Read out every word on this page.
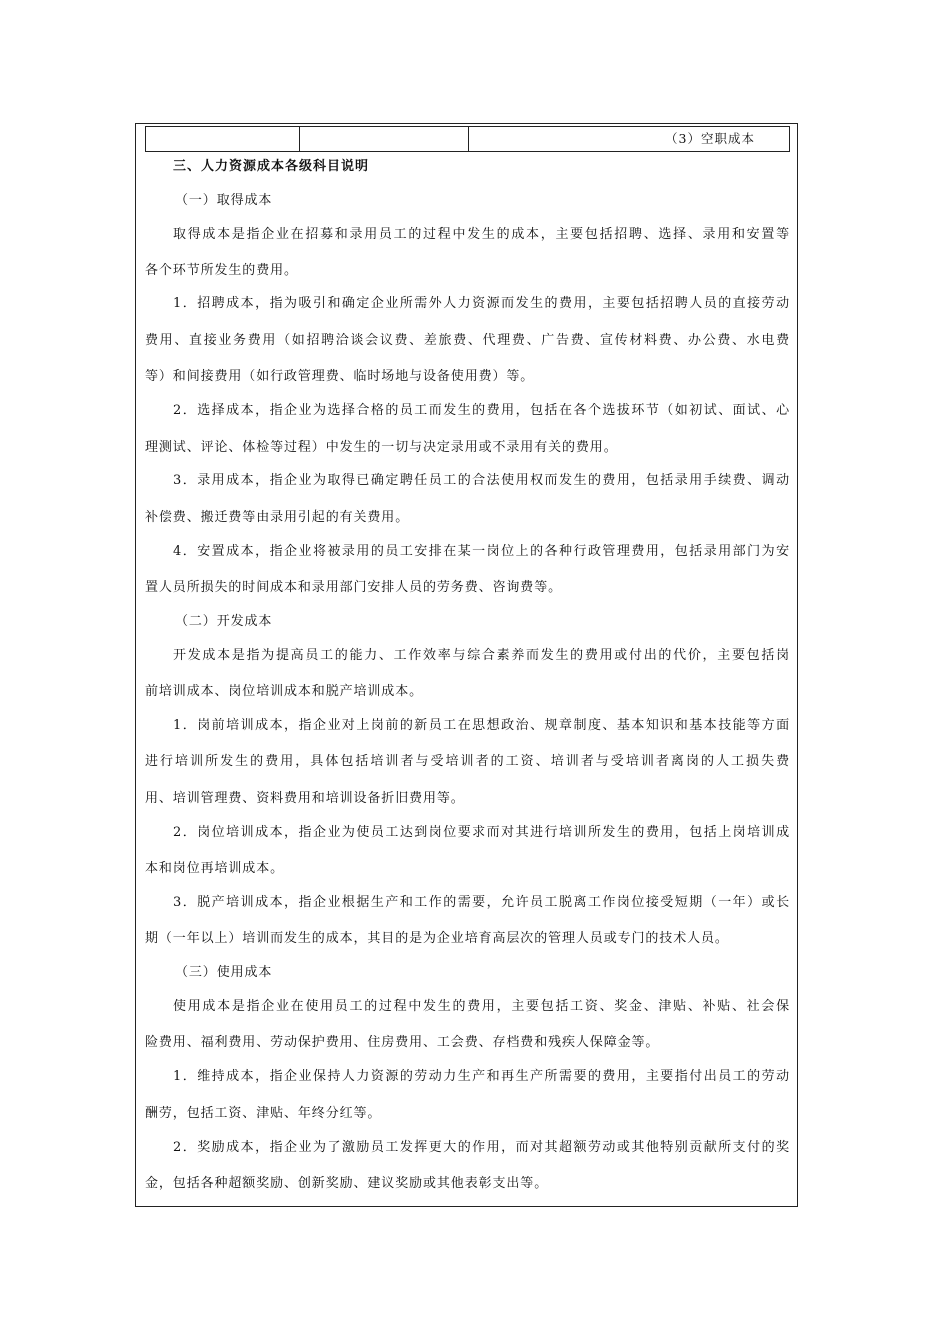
（3）空职成本

三、人力资源成本各级科目说明

（一）取得成本

取得成本是指企业在招募和录用员工的过程中发生的成本，主要包括招聘、选择、录用和安置等

各个环节所发生的费用。

1．招聘成本，指为吸引和确定企业所需外人力资源而发生的费用，主要包括招聘人员的直接劳动

费用、直接业务费用（如招聘洽谈会议费、差旅费、代理费、广告费、宣传材料费、办公费、水电费

等）和间接费用（如行政管理费、临时场地与设备使用费）等。

2．选择成本，指企业为选择合格的员工而发生的费用，包括在各个选拔环节（如初试、面试、心

理测试、评论、体检等过程）中发生的一切与决定录用或不录用有关的费用。

3．录用成本，指企业为取得已确定聘任员工的合法使用权而发生的费用，包括录用手续费、调动

补偿费、搬迁费等由录用引起的有关费用。

4．安置成本，指企业将被录用的员工安排在某一岗位上的各种行政管理费用，包括录用部门为安

置人员所损失的时间成本和录用部门安排人员的劳务费、咨询费等。

（二）开发成本

开发成本是指为提高员工的能力、工作效率与综合素养而发生的费用或付出的代价，主要包括岗

前培训成本、岗位培训成本和脱产培训成本。

1．岗前培训成本，指企业对上岗前的新员工在思想政治、规章制度、基本知识和基本技能等方面

进行培训所发生的费用，具体包括培训者与受培训者的工资、培训者与受培训者离岗的人工损失费

用、培训管理费、资料费用和培训设备折旧费用等。

2．岗位培训成本，指企业为使员工达到岗位要求而对其进行培训所发生的费用，包括上岗培训成

本和岗位再培训成本。

3．脱产培训成本，指企业根据生产和工作的需要，允许员工脱离工作岗位接受短期（一年）或长

期（一年以上）培训而发生的成本，其目的是为企业培育高层次的管理人员或专门的技术人员。

（三）使用成本

使用成本是指企业在使用员工的过程中发生的费用，主要包括工资、奖金、津贴、补贴、社会保

险费用、福利费用、劳动保护费用、住房费用、工会费、存档费和残疾人保障金等。

1．维持成本，指企业保持人力资源的劳动力生产和再生产所需要的费用，主要指付出员工的劳动

酬劳，包括工资、津贴、年终分红等。

2．奖励成本，指企业为了激励员工发挥更大的作用，而对其超额劳动或其他特别贡献所支付的奖

金，包括各种超额奖励、创新奖励、建议奖励或其他表彰支出等。
